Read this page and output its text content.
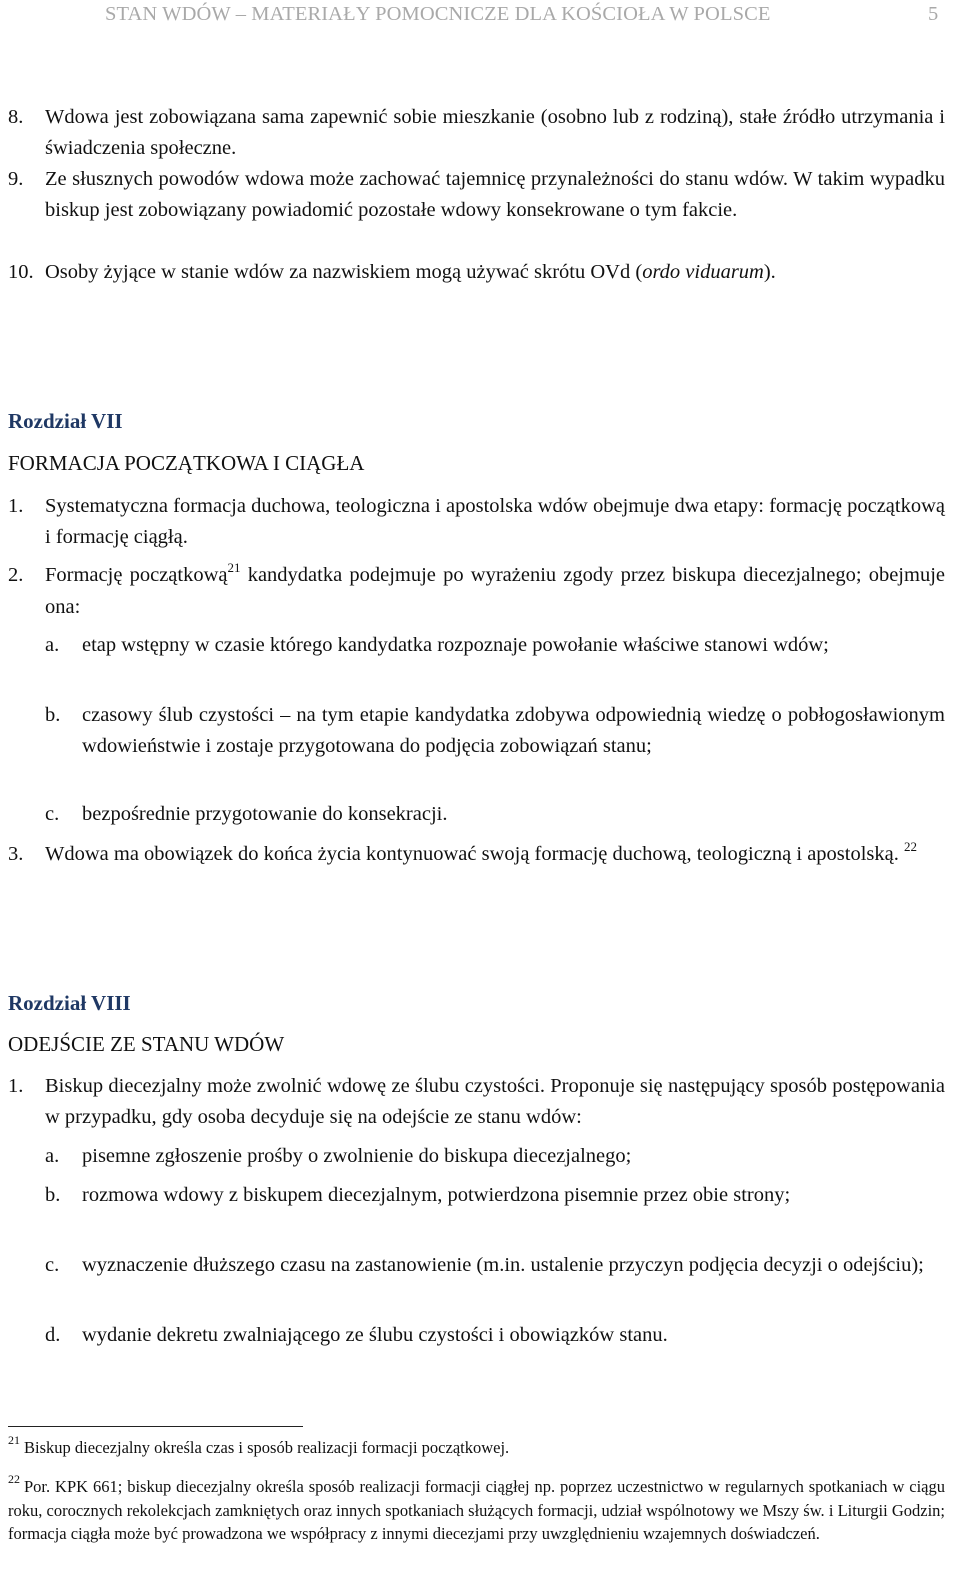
STAN WDÓW – MATERIAŁY POMOCNICZE DLA KOŚCIOŁA W POLSCE	5
8. Wdowa jest zobowiązana sama zapewnić sobie mieszkanie (osobno lub z rodziną), stałe źródło utrzymania i świadczenia społeczne.
9. Ze słusznych powodów wdowa może zachować tajemnicę przynależności do stanu wdów. W takim wypadku biskup jest zobowiązany powiadomić pozostałe wdowy konsekrowane o tym fakcie.
10. Osoby żyjące w stanie wdów za nazwiskiem mogą używać skrótu OVd (ordo viduarum).
Rozdział VII
FORMACJA POCZĄTKOWA I CIĄGŁA
1. Systematyczna formacja duchowa, teologiczna i apostolska wdów obejmuje dwa etapy: formację początkową i formację ciągłą.
2. Formację początkową$^{21}$ kandydatka podejmuje po wyrażeniu zgody przez biskupa diecezjalnego; obejmuje ona:
a. etap wstępny w czasie którego kandydatka rozpoznaje powołanie właściwe stanowi wdów;
b. czasowy ślub czystości – na tym etapie kandydatka zdobywa odpowiednią wiedzę o pobłogosławionym wdowieństwie i zostaje przygotowana do podjęcia zobowiązań stanu;
c. bezpośrednie przygotowanie do konsekracji.
3. Wdowa ma obowiązek do końca życia kontynuować swoją formację duchową, teologiczną i apostolską. $^{22}$
Rozdział VIII
ODEJŚCIE ZE STANU WDÓW
1. Biskup diecezjalny może zwolnić wdowę ze ślubu czystości. Proponuje się następujący sposób postępowania w przypadku, gdy osoba decyduje się na odejście ze stanu wdów:
a. pisemne zgłoszenie prośby o zwolnienie do biskupa diecezjalnego;
b. rozmowa wdowy z biskupem diecezjalnym, potwierdzona pisemnie przez obie strony;
c. wyznaczenie dłuższego czasu na zastanowienie (m.in. ustalenie przyczyn podjęcia decyzji o odejściu);
d. wydanie dekretu zwalniającego ze ślubu czystości i obowiązków stanu.
21 Biskup diecezjalny określa czas i sposób realizacji formacji początkowej.
22 Por. KPK 661; biskup diecezjalny określa sposób realizacji formacji ciągłej np. poprzez uczestnictwo w regularnych spotkaniach w ciągu roku, corocznych rekolekcjach zamkniętych oraz innych spotkaniach służących formacji, udział wspólnotowy we Mszy św. i Liturgii Godzin; formacja ciągła może być prowadzona we współpracy z innymi diecezjami przy uwzględnieniu wzajemnych doświadczeń.
